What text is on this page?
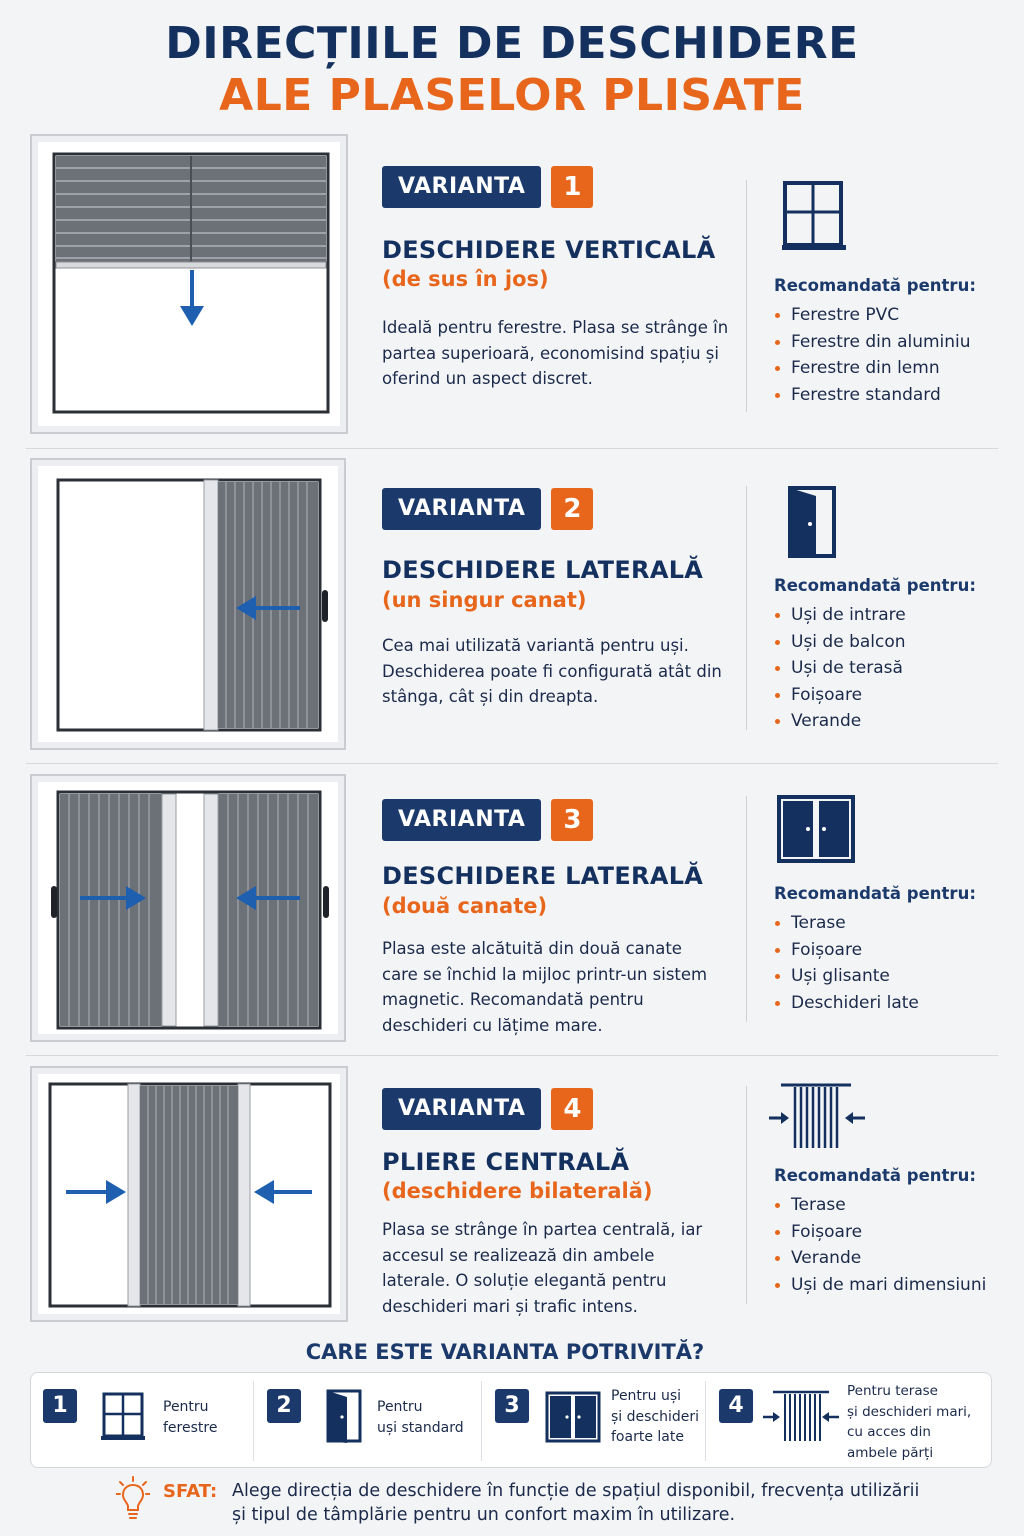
DIRECȚIILE DE DESCHIDERE
ALE PLASELOR PLISATE
VARIANTA	1
DESCHIDERE VERTICALĂ
(de sus în jos)
Ideală pentru ferestre. Plasa se strânge în partea superioară, economisind spațiu și oferind un aspect discret.
Recomandată pentru:
Ferestre PVC
Ferestre din aluminiu
Ferestre din lemn
Ferestre standard
VARIANTA	2
DESCHIDERE LATERALĂ
(un singur canat)
Cea mai utilizată variantă pentru uși. Deschiderea poate fi configurată atât din stânga, cât și din dreapta.
Recomandată pentru:
Uși de intrare
Uși de balcon
Uși de terasă
Foișoare
Verande
VARIANTA	3
DESCHIDERE LATERALĂ
(două canate)
Plasa este alcătuită din două canate care se închid la mijloc printr-un sistem magnetic. Recomandată pentru deschideri cu lățime mare.
Recomandată pentru:
Terase
Foișoare
Uși glisante
Deschideri late
VARIANTA	4
PLIERE CENTRALĂ
(deschidere bilaterală)
Plasa se strânge în partea centrală, iar accesul se realizează din ambele laterale. O soluție elegantă pentru deschideri mari și trafic intens.
Recomandată pentru:
Terase
Foișoare
Verande
Uși de mari dimensiuni
CARE ESTE VARIANTA POTRIVITĂ?
1	Pentru
ferestre
2	Pentru
uși standard
3	Pentru uși
și deschideri
foarte late
4
Pentru terase
și deschideri mari,
cu acces din
ambele părți
SFAT: Alege direcția de deschidere în funcție de spațiul disponibil, frecvența utilizării și tipul de tâmplărie pentru un confort maxim în utilizare.
